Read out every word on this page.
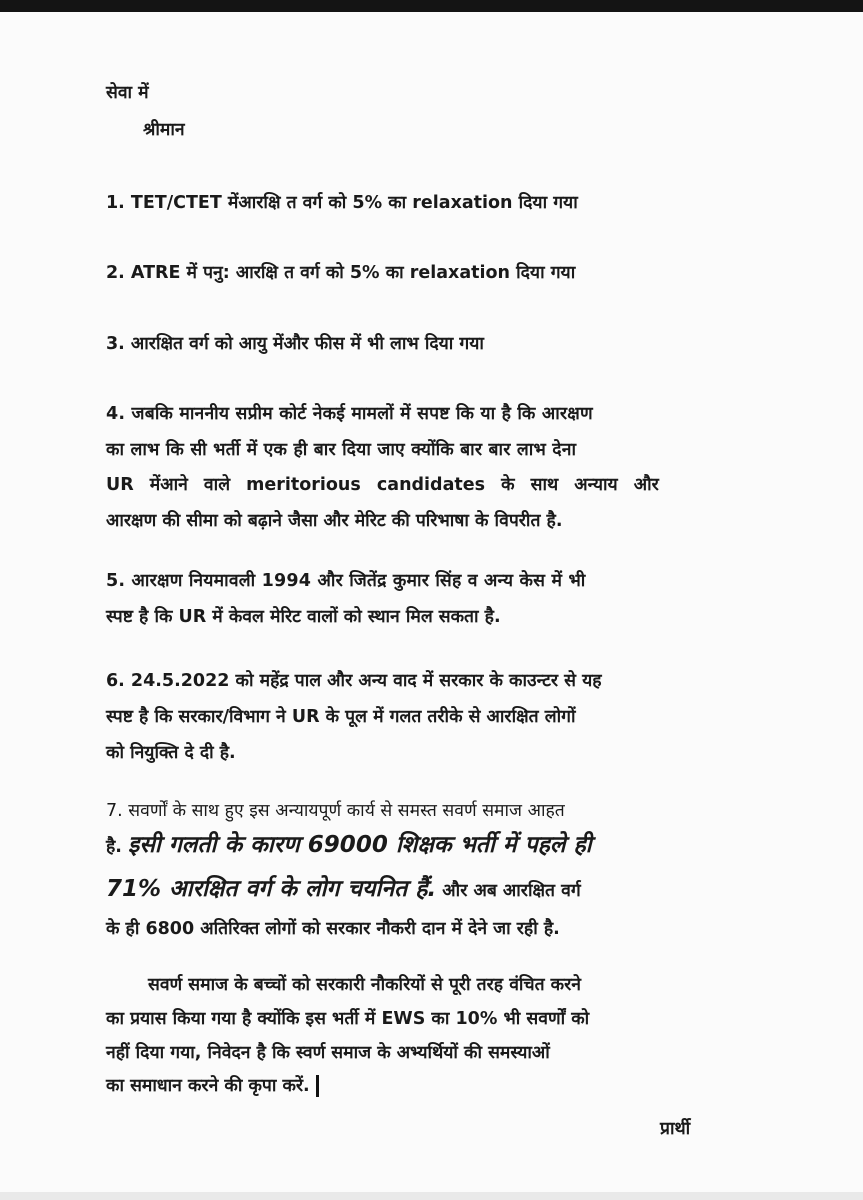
सेवा में
श्रीमान
1. TET/CTET मेंआरक्षि त वर्ग को 5% का relaxation दिया गया
2. ATRE में पनु: आरक्षि त वर्ग को 5% का relaxation दिया गया
3. आरक्षित वर्ग को आयु मेंऔर फीस में भी लाभ दिया गया
4. जबकि माननीय सप्रीम कोर्ट नेकई मामलों में सपष्ट कि या है कि आरक्षण
का लाभ कि सी भर्ती में एक ही बार दिया जाए क्योंकि बार बार लाभ देना
UR मेंआने वाले meritorious candidates के साथ अन्याय और
आरक्षण की सीमा को बढ़ाने जैसा और मेरिट की परिभाषा के विपरीत है.
5. आरक्षण नियमावली 1994 और जितेंद्र कुमार सिंह व अन्य केस में भी
स्पष्ट है कि UR में केवल मेरिट वालों को स्थान मिल सकता है.
6. 24.5.2022 को महेंद्र पाल और अन्य वाद में सरकार के काउन्टर से यह
स्पष्ट है कि सरकार/विभाग ने UR के पूल में गलत तरीके से आरक्षित लोगों
को नियुक्ति दे दी है.
7. सवर्णों के साथ हुए इस अन्यायपूर्ण कार्य से समस्त सवर्ण समाज आहत
है. इसी गलती के कारण 69000 शिक्षक भर्ती में पहले ही
71% आरक्षित वर्ग के लोग चयनित हैं. और अब आरक्षित वर्ग
के ही 6800 अतिरिक्त लोगों को सरकार नौकरी दान में देने जा रही है.
सवर्ण समाज के बच्चों को सरकारी नौकरियों से पूरी तरह वंचित करने
का प्रयास किया गया है क्योंकि इस भर्ती में EWS का 10% भी सवर्णों को
नहीं दिया गया, निवेदन है कि स्वर्ण समाज के अभ्यर्थियों की समस्याओं
का समाधान करने की कृपा करें.
प्रार्थी
